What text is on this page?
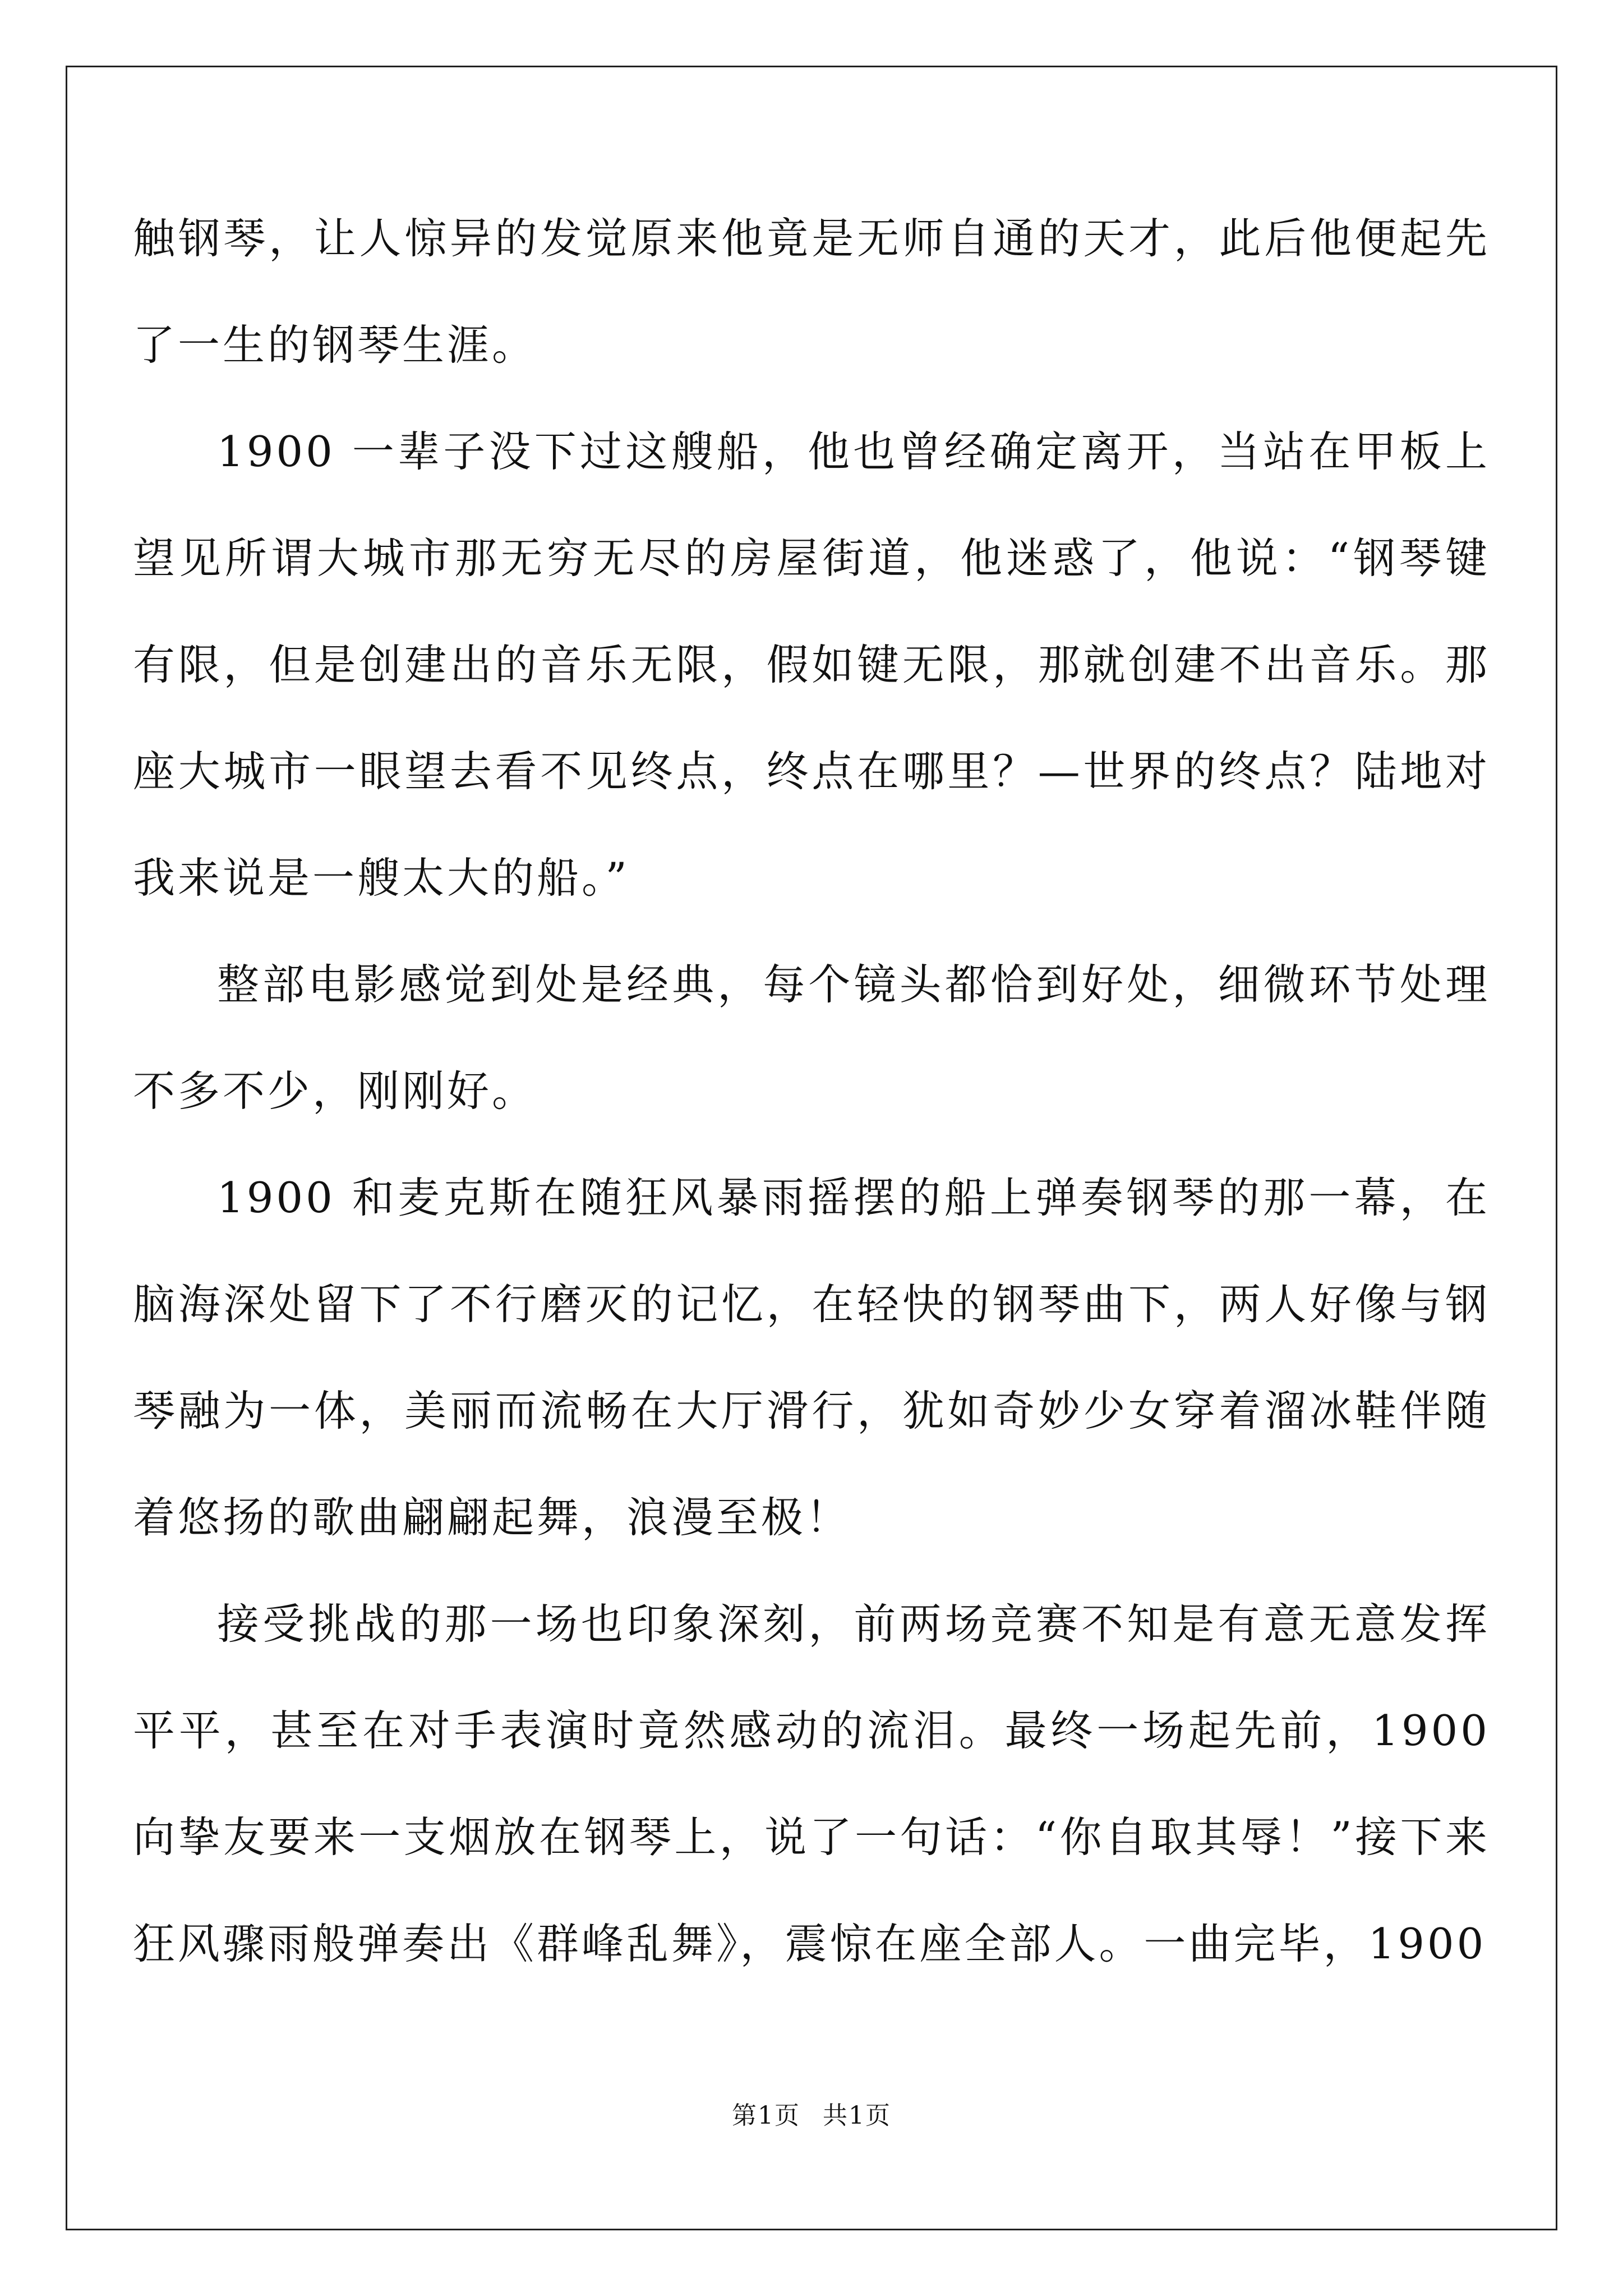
触钢琴，让人惊异的发觉原来他竟是无师自通的天才，此后他便起先了一生的钢琴生涯。

1900 一辈子没下过这艘船，他也曾经确定离开，当站在甲板上望见所谓大城市那无穷无尽的房屋街道，他迷惑了，他说：“钢琴键有限，但是创建出的音乐无限，假如键无限，那就创建不出音乐。那座大城市一眼望去看不见终点，终点在哪里？—世界的终点？陆地对我来说是一艘太大的船。”

整部电影感觉到处是经典，每个镜头都恰到好处，细微环节处理不多不少，刚刚好。

1900 和麦克斯在随狂风暴雨摇摆的船上弹奏钢琴的那一幕，在脑海深处留下了不行磨灭的记忆，在轻快的钢琴曲下，两人好像与钢琴融为一体，美丽而流畅在大厅滑行，犹如奇妙少女穿着溜冰鞋伴随着悠扬的歌曲翩翩起舞，浪漫至极！

接受挑战的那一场也印象深刻，前两场竞赛不知是有意无意发挥平平，甚至在对手表演时竟然感动的流泪。最终一场起先前，1900 向挚友要来一支烟放在钢琴上，说了一句话：“你自取其辱！”接下来狂风骤雨般弹奏出《群峰乱舞》，震惊在座全部人。一曲完毕，1900

第1页 共1页
